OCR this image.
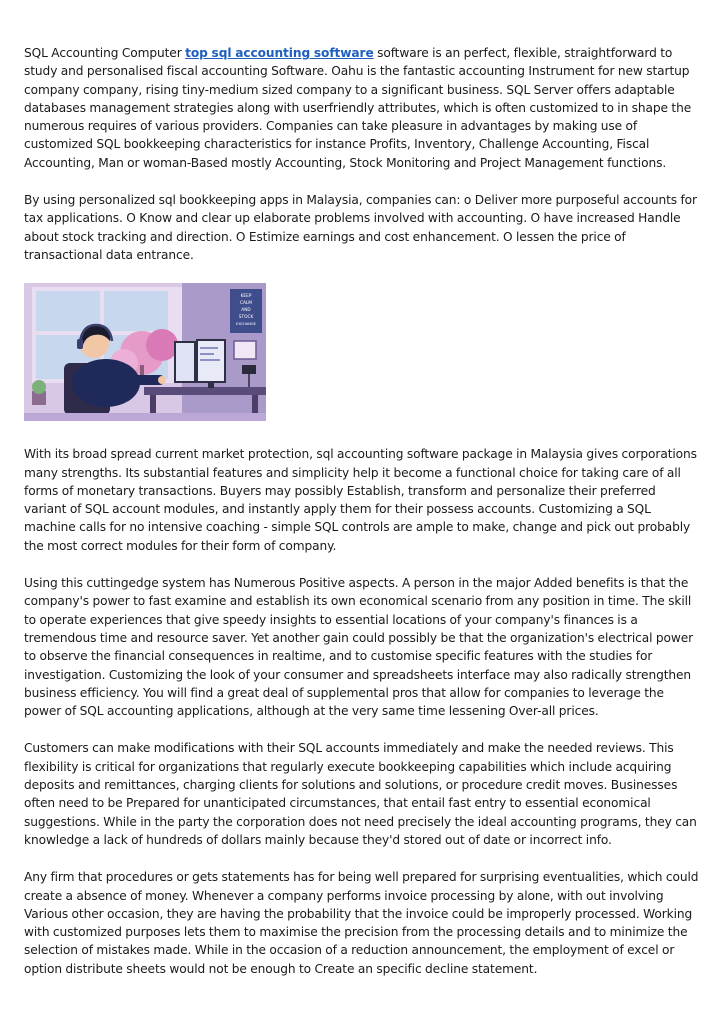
SQL Accounting Computer top sql accounting software software is an perfect, flexible, straightforward to study and personalised fiscal accounting Software. Oahu is the fantastic accounting Instrument for new startup company company, rising tiny-medium sized company to a significant business. SQL Server offers adaptable databases management strategies along with userfriendly attributes, which is often customized to in shape the numerous requires of various providers. Companies can take pleasure in advantages by making use of customized SQL bookkeeping characteristics for instance Profits, Inventory, Challenge Accounting, Fiscal Accounting, Man or woman-Based mostly Accounting, Stock Monitoring and Project Management functions.

By using personalized sql bookkeeping apps in Malaysia, companies can: o Deliver more purposeful accounts for tax applications. O Know and clear up elaborate problems involved with accounting. O have increased Handle about stock tracking and direction. O Estimize earnings and cost enhancement. O lessen the price of transactional data entrance.

KEEP
CALM
AND
STOCK
EXCHANGE

With its broad spread current market protection, sql accounting software package in Malaysia gives corporations many strengths. Its substantial features and simplicity help it become a functional choice for taking care of all forms of monetary transactions. Buyers may possibly Establish, transform and personalize their preferred variant of SQL account modules, and instantly apply them for their possess accounts. Customizing a SQL machine calls for no intensive coaching - simple SQL controls are ample to make, change and pick out probably the most correct modules for their form of company.

Using this cuttingedge system has Numerous Positive aspects. A person in the major Added benefits is that the company's power to fast examine and establish its own economical scenario from any position in time. The skill to operate experiences that give speedy insights to essential locations of your company's finances is a tremendous time and resource saver. Yet another gain could possibly be that the organization's electrical power to observe the financial consequences in realtime, and to customise specific features with the studies for investigation. Customizing the look of your consumer and spreadsheets interface may also radically strengthen business efficiency. You will find a great deal of supplemental pros that allow for companies to leverage the power of SQL accounting applications, although at the very same time lessening Over-all prices.

Customers can make modifications with their SQL accounts immediately and make the needed reviews. This flexibility is critical for organizations that regularly execute bookkeeping capabilities which include acquiring deposits and remittances, charging clients for solutions and solutions, or procedure credit moves. Businesses often need to be Prepared for unanticipated circumstances, that entail fast entry to essential economical suggestions. While in the party the corporation does not need precisely the ideal accounting programs, they can knowledge a lack of hundreds of dollars mainly because they'd stored out of date or incorrect info.

Any firm that procedures or gets statements has for being well prepared for surprising eventualities, which could create a absence of money. Whenever a company performs invoice processing by alone, with out involving Various other occasion, they are having the probability that the invoice could be improperly processed. Working with customized purposes lets them to maximise the precision from the processing details and to minimize the selection of mistakes made. While in the occasion of a reduction announcement, the employment of excel or option distribute sheets would not be enough to Create an specific decline statement.
